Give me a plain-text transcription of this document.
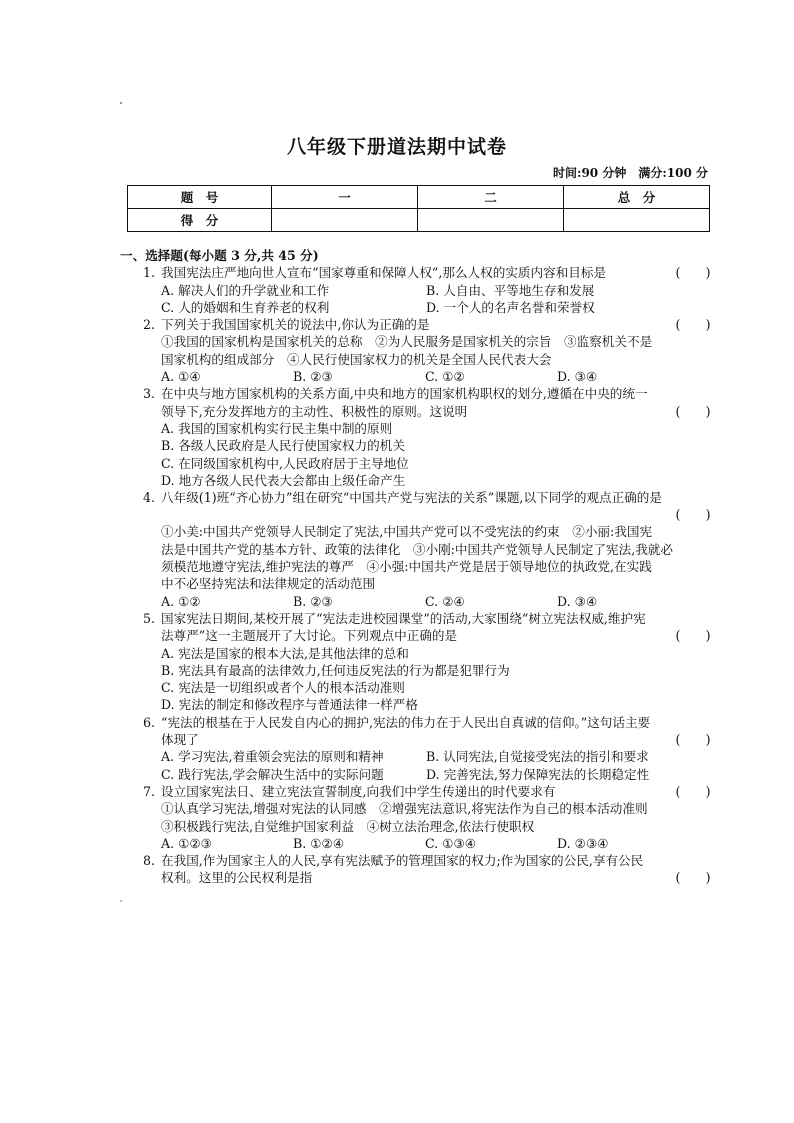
八年级下册道法期中试卷
时间:90 分钟　满分:100 分
题　号	一	二	总　分
得　分			
一、选择题(每小题 3 分,共 45 分)
1.	(　　)
我国宪法庄严地向世人宣布“国家尊重和保障人权”,那么人权的实质内容和目标是
A. 解决人们的升学就业和工作	B. 人自由、平等地生存和发展
C. 人的婚姻和生育养老的权利	D. 一个人的名声名誉和荣誉权
2.	(　　)
下列关于我国国家机关的说法中,你认为正确的是
①我国的国家机构是国家机关的总称　②为人民服务是国家机关的宗旨　③监察机关不是
国家机构的组成部分　④人民行使国家权力的机关是全国人民代表大会
A. ①④	B. ②③	C. ①②	D. ③④
3. 在中央与地方国家机构的关系方面,中央和地方的国家机构职权的划分,遵循在中央的统一
(　　)
领导下,充分发挥地方的主动性、积极性的原则。这说明
A. 我国的国家机构实行民主集中制的原则
B. 各级人民政府是人民行使国家权力的机关
C. 在同级国家机构中,人民政府居于主导地位
D. 地方各级人民代表大会都由上级任命产生
4. 八年级(1)班“齐心协力”组在研究“中国共产党与宪法的关系”课题,以下同学的观点正确的是
(　　)
①小美:中国共产党领导人民制定了宪法,中国共产党可以不受宪法的约束　②小丽:我国宪
法是中国共产党的基本方针、政策的法律化　③小刚:中国共产党领导人民制定了宪法,我就必
须模范地遵守宪法,维护宪法的尊严　④小强:中国共产党是居于领导地位的执政党,在实践
中不必坚持宪法和法律规定的活动范围
A. ①②	B. ②③	C. ②④	D. ③④
5. 国家宪法日期间,某校开展了“宪法走进校园课堂”的活动,大家围绕“树立宪法权威,维护宪
(　　)
法尊严”这一主题展开了大讨论。下列观点中正确的是
A. 宪法是国家的根本大法,是其他法律的总和
B. 宪法具有最高的法律效力,任何违反宪法的行为都是犯罪行为
C. 宪法是一切组织或者个人的根本活动准则
D. 宪法的制定和修改程序与普通法律一样严格
6. “宪法的根基在于人民发自内心的拥护,宪法的伟力在于人民出自真诚的信仰。”这句话主要
(　　)
体现了
A. 学习宪法,着重领会宪法的原则和精神	B. 认同宪法,自觉接受宪法的指引和要求
C. 践行宪法,学会解决生活中的实际问题	D. 完善宪法,努力保障宪法的长期稳定性
7.	(　　)
设立国家宪法日、建立宪法宣誓制度,向我们中学生传递出的时代要求有
①认真学习宪法,增强对宪法的认同感　②增强宪法意识,将宪法作为自己的根本活动准则
③积极践行宪法,自觉维护国家利益　④树立法治理念,依法行使职权
A. ①②③	B. ①②④	C. ①③④	D. ②③④
8. 在我国,作为国家主人的人民,享有宪法赋予的管理国家的权力;作为国家的公民,享有公民
(　　)
权利。这里的公民权利是指
